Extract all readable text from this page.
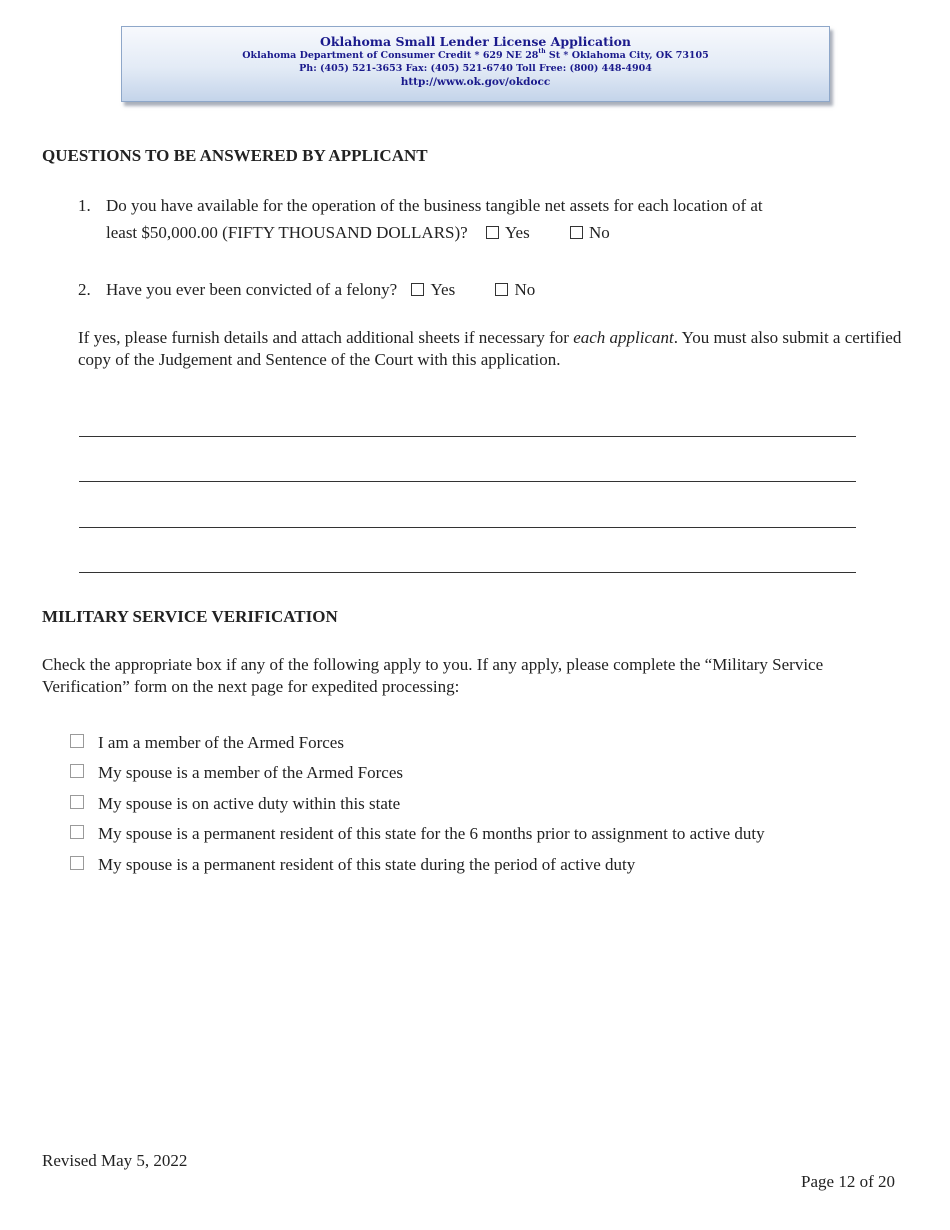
Oklahoma Small Lender License Application
Oklahoma Department of Consumer Credit * 629 NE 28th St * Oklahoma City, OK 73105
Ph: (405) 521-3653 Fax: (405) 521-6740 Toll Free: (800) 448-4904
http://www.ok.gov/okdocc
QUESTIONS TO BE ANSWERED BY APPLICANT
1. Do you have available for the operation of the business tangible net assets for each location of at
least $50,000.00 (FIFTY THOUSAND DOLLARS)? Yes	No
2. Have you ever been convicted of a felony? Yes	No
If yes, please furnish details and attach additional sheets if necessary for each applicant. You must also submit a certified copy of the Judgement and Sentence of the Court with this application.
MILITARY SERVICE VERIFICATION
Check the appropriate box if any of the following apply to you. If any apply, please complete the “Military Service Verification” form on the next page for expedited processing:
I am a member of the Armed Forces
My spouse is a member of the Armed Forces
My spouse is on active duty within this state
My spouse is a permanent resident of this state for the 6 months prior to assignment to active duty
My spouse is a permanent resident of this state during the period of active duty
Revised May 5, 2022
Page 12 of 20
